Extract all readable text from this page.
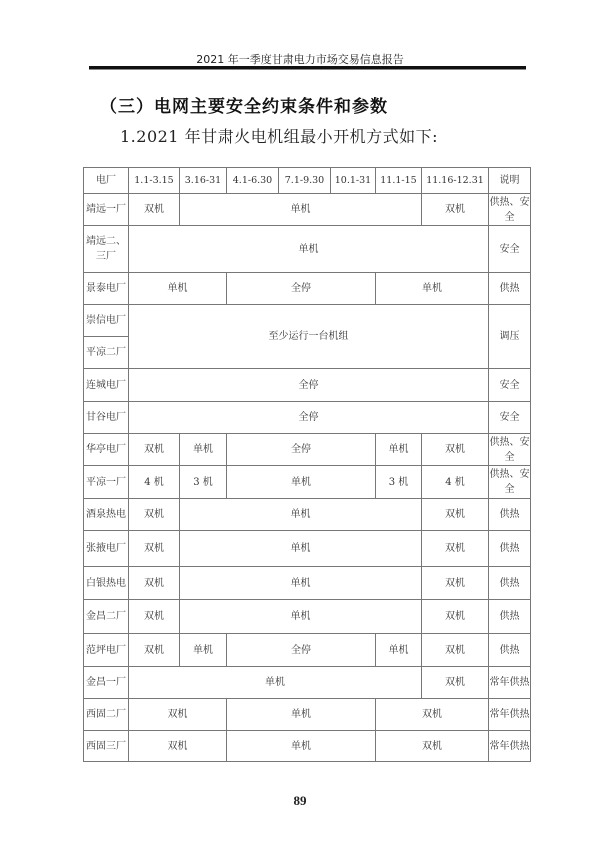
2021 年一季度甘肃电力市场交易信息报告
（三）电网主要安全约束条件和参数
1.2021 年甘肃火电机组最小开机方式如下:
电厂	1.1-3.15	3.16-31	4.1-6.30	7.1-9.30	10.1-31	11.1-15	11.16-12.31	说明
靖远一厂	双机	单机					双机	供热、安全
靖远二、三厂	单机							安全
景泰电厂	单机		全停			单机		供热
崇信电厂	至少运行一台机组							调压
平凉二厂								
连城电厂	全停							安全
甘谷电厂	全停							安全
华亭电厂	双机	单机	全停			单机	双机	供热、安全
平凉一厂	4 机	3 机	单机			3 机	4 机	供热、安全
酒泉热电	双机	单机					双机	供热
张掖电厂	双机	单机					双机	供热
白银热电	双机	单机					双机	供热
金昌二厂	双机	单机					双机	供热
范坪电厂	双机	单机	全停			单机	双机	供热
金昌一厂	单机						双机	常年供热
西固二厂	双机		单机			双机		常年供热
西固三厂	双机		单机			双机		常年供热
89
